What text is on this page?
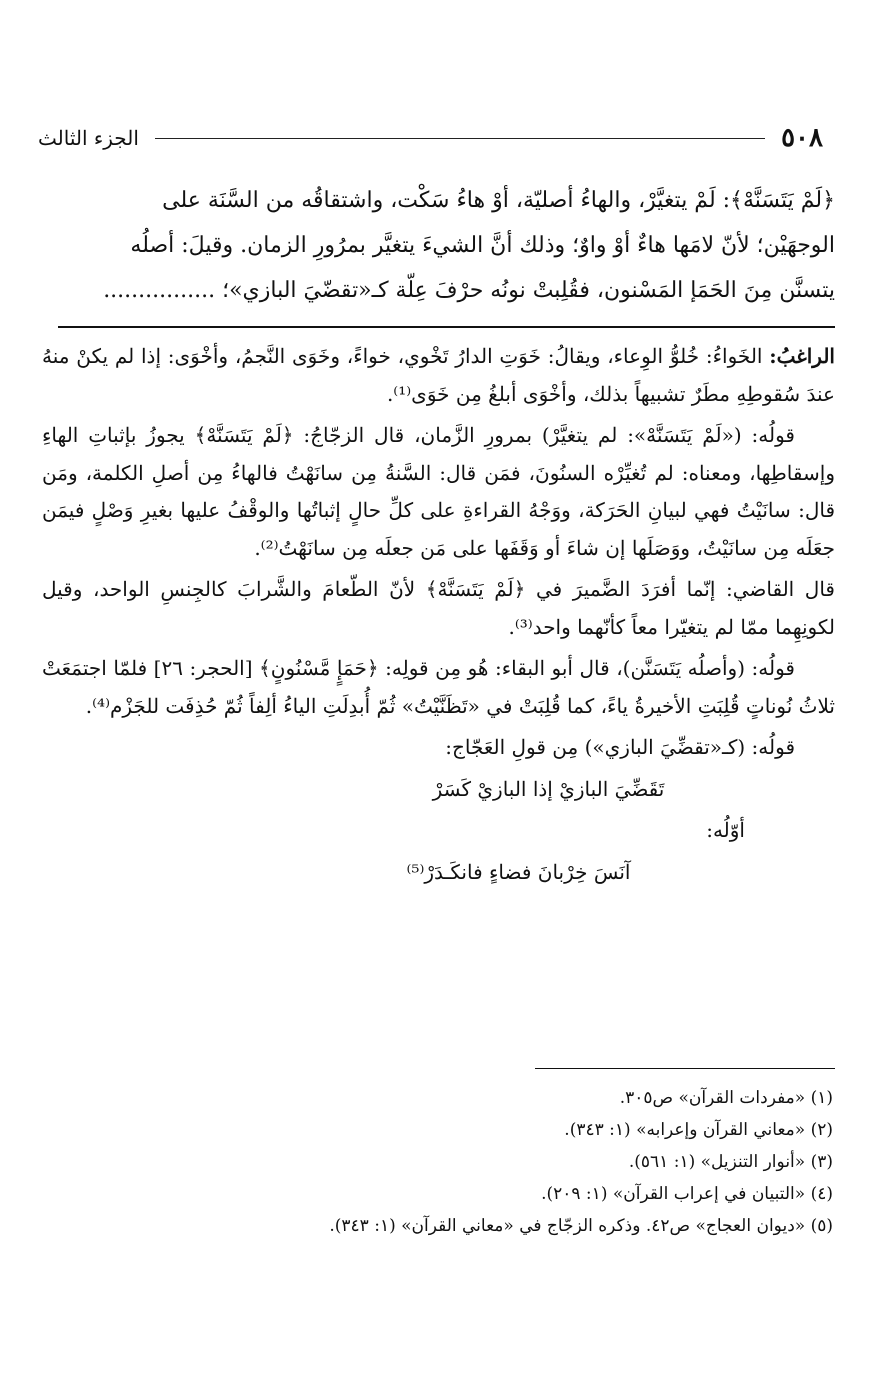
٥٠٨
الجزء الثالث

﴿لَمْ يَتَسَنَّهْ﴾: لَمْ يتغيَّرْ، والهاءُ أصليّة، أوْ هاءُ سَكْت، واشتقاقُه من السَّنَة على

الوجهَيْن؛ لأنّ لامَها هاءٌ أوْ واوٌ؛ وذلك أنَّ الشيءَ يتغيَّر بمرُورِ الزمان. وقيلَ: أصلُه

يتسنَّن مِنَ الحَمَإ المَسْنون، فقُلِبتْ نونُه حرْفَ عِلّة كـ«تقضّيَ البازي»؛ ................

الراغبُ: الخَواءُ: خُلوُّ الوِعاء، ويقالُ: خَوَتِ الدارُ تَخْوي، خواءً، وخَوَى النَّجمُ، وأخْوَى: إذا لم يكنْ منهُ عندَ سُقوطِهِ مطَرٌ تشبيهاً بذلك، وأخْوَى أبلغُ مِن خَوَى⁽¹⁾.

قولُه: («لَمْ يَتَسَنَّهْ»: لم يتغيَّرْ) بمرورِ الزَّمان، قال الزجّاجُ: ﴿لَمْ يَتَسَنَّهْ﴾ يجوزُ بإثباتِ الهاءِ وإسقاطِها، ومعناه: لم تُغيِّرْه السنُونَ، فمَن قال: السَّنةُ مِن سانَهْتُ فالهاءُ مِن أصلِ الكلمة، ومَن قال: سانَيْتُ فهي لبيانِ الحَرَكة، ووَجْهُ القراءةِ على كلِّ حالٍ إثباتُها والوقْفُ عليها بغيرِ وَصْلٍ فيمَن جعَلَه مِن سانَيْتُ، ووَصَلَها إن شاءَ أو وَقَفَها على مَن جعلَه مِن سانَهْتُ⁽²⁾.

قال القاضي: إنّما أفرَدَ الضَّميرَ في ﴿لَمْ يَتَسَنَّهْ﴾ لأنّ الطّعامَ والشَّرابَ كالجِنسِ الواحد، وقيل لكونِهِما ممّا لم يتغيّرا معاً كأنّهما واحد⁽³⁾.

قولُه: (وأصلُه يَتَسَنَّن)، قال أبو البقاء: هُو مِن قولِه: ﴿حَمَإٍ مَّسْنُونٍ﴾ [الحجر: ٢٦] فلمّا اجتمَعَتْ ثلاثُ نُوناتٍ قُلِبَتِ الأخيرةُ ياءً، كما قُلِبَتْ في «تَظَنَّيْتُ» ثُمّ أُبدِلَتِ الياءُ ألِفاً ثُمّ حُذِفَت للجَزْم⁽⁴⁾.

قولُه: (كـ«تقضِّيَ البازي») مِن قولِ العَجّاج:

تَقَضِّيَ البازيْ إذا البازيْ كَسَرْ

أوّلُه:

آنَسَ خِرْبانَ فضاءٍ فانكَـدَرْ⁽⁵⁾

(١) «مفردات القرآن» ص٣٠٥.

(٢) «معاني القرآن وإعرابه» (١: ٣٤٣).

(٣) «أنوار التنزيل» (١: ٥٦١).

(٤) «التبيان في إعراب القرآن» (١: ٢٠٩).

(٥) «ديوان العجاج» ص٤٢. وذكره الزجّاج في «معاني القرآن» (١: ٣٤٣).
